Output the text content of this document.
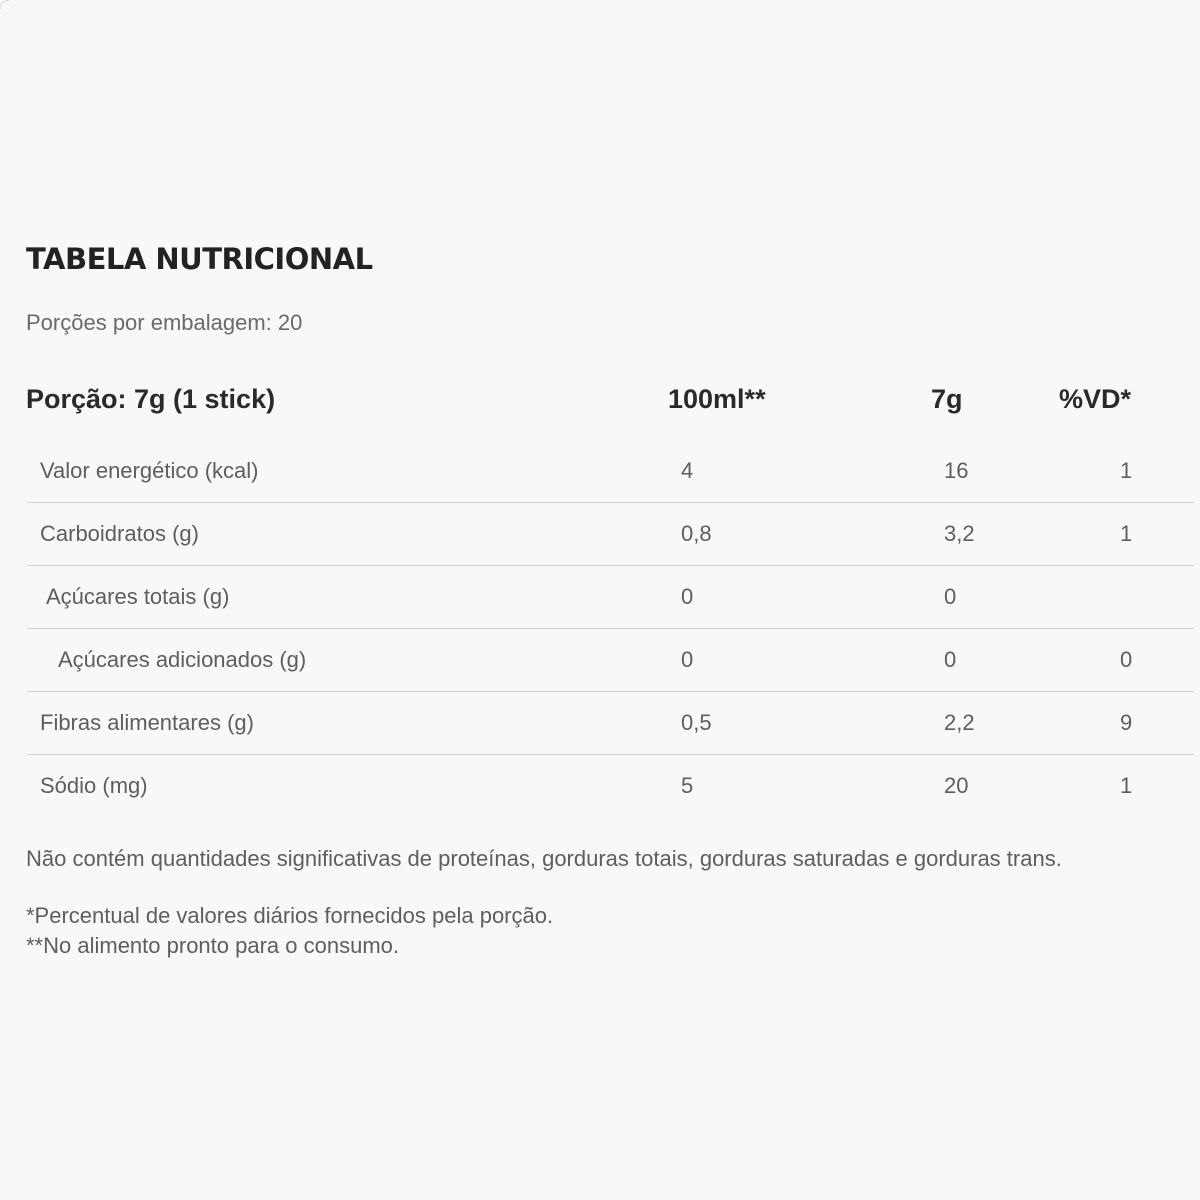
TABELA NUTRICIONAL
Porções por embalagem: 20
Porção: 7g (1 stick)	100ml**	7g	%VD*
Valor energético (kcal)	4	16	1
Carboidratos (g)	0,8	3,2	1
Açúcares totais (g)	0	0
Açúcares adicionados (g)	0	0	0
Fibras alimentares (g)	0,5	2,2	9
Sódio (mg)	5	20	1
Não contém quantidades significativas de proteínas, gorduras totais, gorduras saturadas e gorduras trans.
*Percentual de valores diários fornecidos pela porção.
**No alimento pronto para o consumo.
